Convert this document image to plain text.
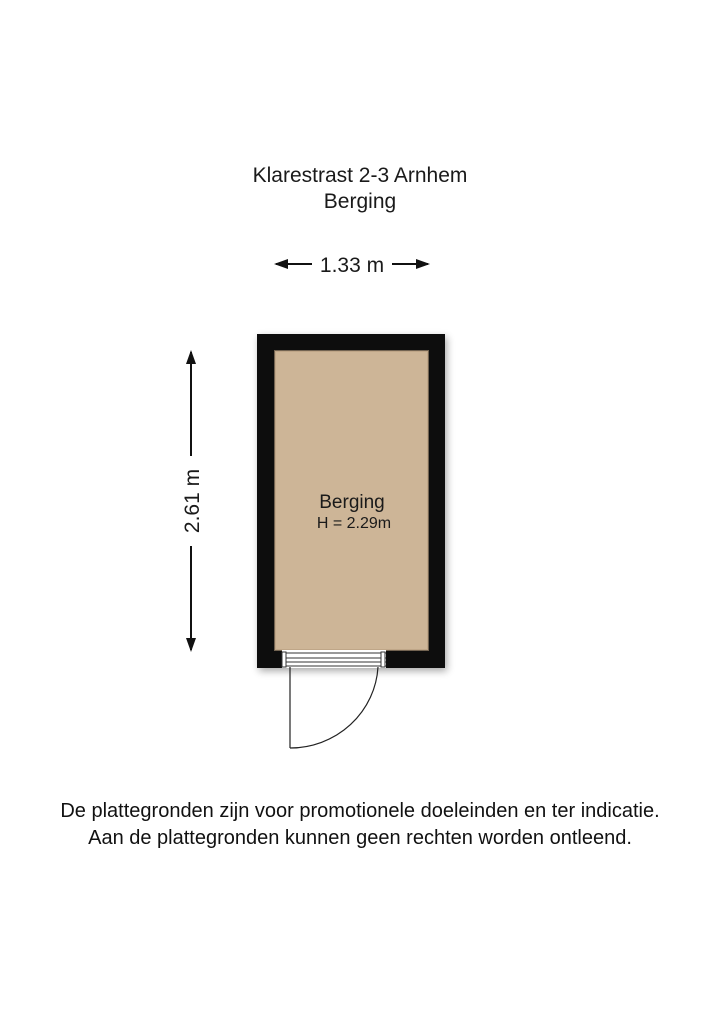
Klarestrast 2-3 Arnhem
Berging
1.33 m
2.61 m	Berging
H = 2.29m
De plattegronden zijn voor promotionele doeleinden en ter indicatie.
Aan de plattegronden kunnen geen rechten worden ontleend.
